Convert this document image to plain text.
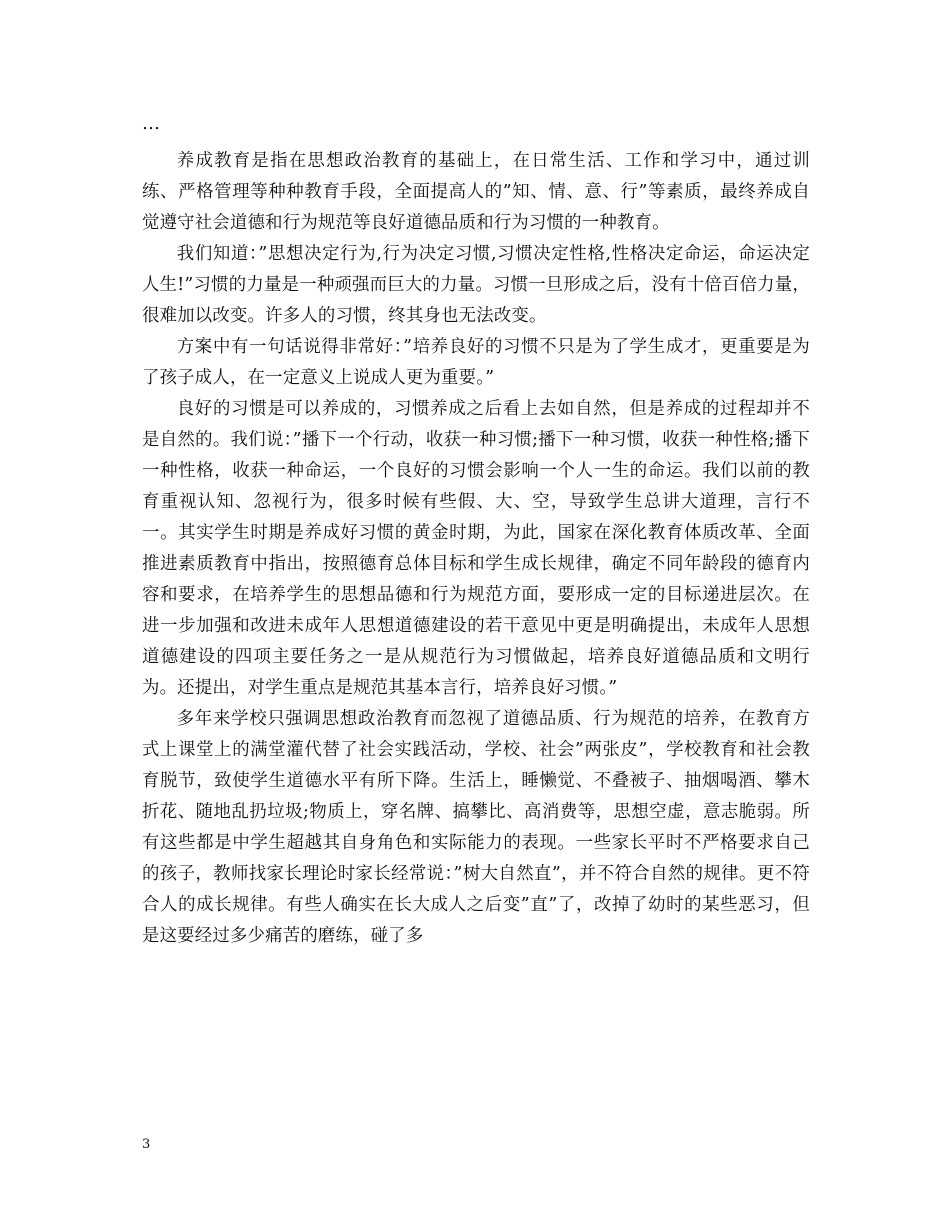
…

养成教育是指在思想政治教育的基础上，在日常生活、工作和学习中，通过训练、严格管理等种种教育手段，全面提高人的”知、情、意、行”等素质，最终养成自觉遵守社会道德和行为规范等良好道德品质和行为习惯的一种教育。

我们知道：”思想决定行为,行为决定习惯,习惯决定性格,性格决定命运，命运决定人生!”习惯的力量是一种顽强而巨大的力量。习惯一旦形成之后，没有十倍百倍力量，很难加以改变。许多人的习惯，终其身也无法改变。

方案中有一句话说得非常好：”培养良好的习惯不只是为了学生成才，更重要是为了孩子成人，在一定意义上说成人更为重要。”

良好的习惯是可以养成的，习惯养成之后看上去如自然，但是养成的过程却并不是自然的。我们说：”播下一个行动，收获一种习惯;播下一种习惯，收获一种性格;播下一种性格，收获一种命运，一个良好的习惯会影响一个人一生的命运。我们以前的教育重视认知、忽视行为，很多时候有些假、大、空，导致学生总讲大道理，言行不一。其实学生时期是养成好习惯的黄金时期，为此，国家在深化教育体质改革、全面推进素质教育中指出，按照德育总体目标和学生成长规律，确定不同年龄段的德育内容和要求，在培养学生的思想品德和行为规范方面，要形成一定的目标递进层次。在进一步加强和改进未成年人思想道德建设的若干意见中更是明确提出，未成年人思想道德建设的四项主要任务之一是从规范行为习惯做起，培养良好道德品质和文明行为。还提出，对学生重点是规范其基本言行，培养良好习惯。”

多年来学校只强调思想政治教育而忽视了道德品质、行为规范的培养，在教育方式上课堂上的满堂灌代替了社会实践活动，学校、社会”两张皮”，学校教育和社会教育脱节，致使学生道德水平有所下降。生活上，睡懒觉、不叠被子、抽烟喝酒、攀木折花、随地乱扔垃圾;物质上，穿名牌、搞攀比、高消费等，思想空虚，意志脆弱。所有这些都是中学生超越其自身角色和实际能力的表现。一些家长平时不严格要求自己的孩子，教师找家长理论时家长经常说：”树大自然直”，并不符合自然的规律。更不符合人的成长规律。有些人确实在长大成人之后变”直”了，改掉了幼时的某些恶习，但是这要经过多少痛苦的磨练，碰了多

3
